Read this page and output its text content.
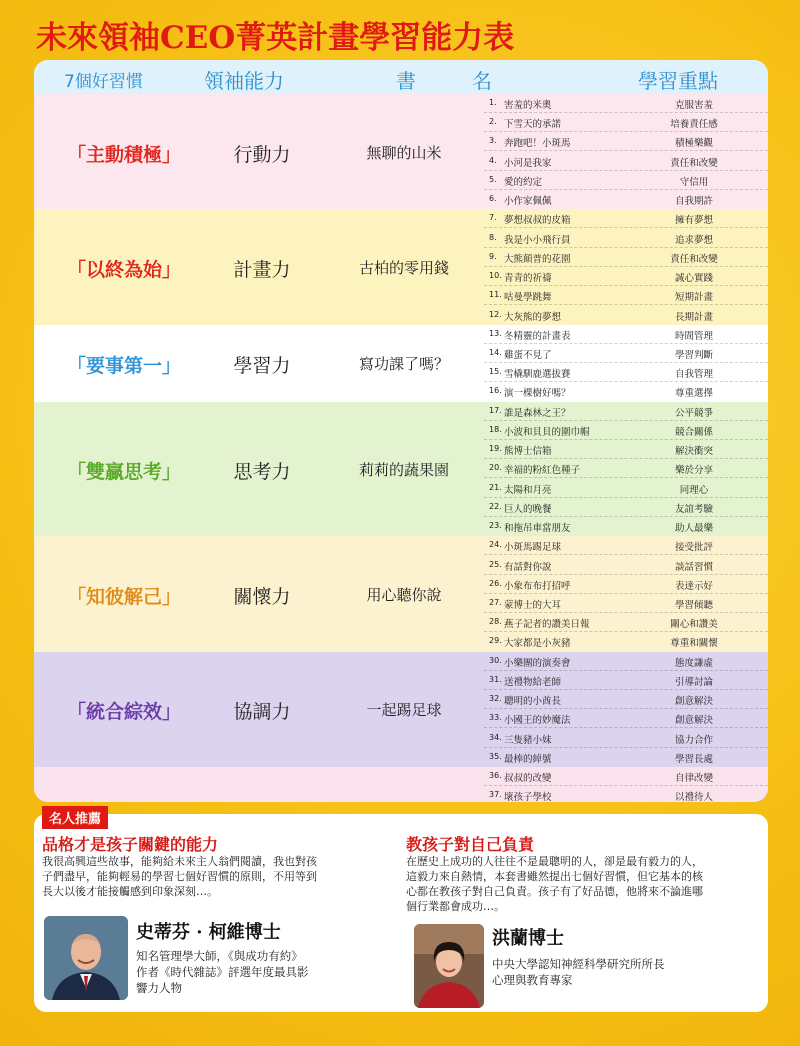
未來領袖CEO菁英計畫學習能力表
7個好習慣	領袖能力	書	名	學習重點
「主動積極」	行動力	無聊的山米
1. 害羞的米奧	克服害羞
2. 下雪天的承諾	培養責任感
3. 奔跑吧！小斑馬	積極樂觀
4. 小河是我家	責任和改變
5. 愛的約定	守信用
6. 小作家佩佩	自我期許
「以終為始」	計畫力	古柏的零用錢
7. 夢想叔叔的皮箱	擁有夢想
8. 我是小小飛行員	追求夢想
9. 大熊顛普的花園	責任和改變
10. 青青的祈禱	誠心實踐
11. 咕曼學跳舞	短期計畫
12. 大灰熊的夢想	長期計畫
「要事第一」	學習力	寫功課了嗎？
13. 冬精靈的計畫表	時間管理
14. 雞蛋不見了	學習判斷
15. 雪橇馴鹿選拔賽	自我管理
16. 演一棵樹好嗎？	尊重選擇
「雙贏思考」	思考力	莉莉的蔬果園
17. 誰是森林之王？	公平競爭
18. 小波和貝貝的圍巾帽	競合關係
19. 熊博士信箱	解決衝突
20. 幸福的粉紅色種子	樂於分享
21. 太陽和月亮	同理心
22. 巨人的晚餐	友誼考驗
23. 和拖吊車當朋友	助人最樂
「知彼解己」	關懷力	用心聽你說
24. 小斑馬踢足球	接受批評
25. 有話對你說	談話習慣
26. 小象布布打招呼	表達示好
27. 蒙博士的大耳	學習傾聽
28. 燕子記者的讚美日報	關心和讚美
29. 大家都是小灰豬	尊重和關懷
「統合綜效」	協調力	一起踢足球
30. 小樂團的演奏會	態度謙虛
31. 送禮物給老師	引導討論
32. 聰明的小酋長	創意解決
33. 小國王的妙魔法	創意解決
34. 三隻豬小妹	協力合作
35. 最棒的綽號	學習長處
36. 叔叔的改變	自律改變
37. 壞孩子學校	以禮待人
名人推薦
品格才是孩子關鍵的能力
我很高興這些故事，能夠給未來主人翁們閱讀，我也對孩
子們盡早，能夠輕易的學習七個好習慣的原則，不用等到
長大以後才能接觸感到印象深刻…。
史蒂芬 · 柯維博士
知名管理學大師，《與成功有約》
作者《時代雜誌》評選年度最具影
響力人物
教孩子對自己負責
在歷史上成功的人往往不是最聰明的人，卻是最有毅力的人，
這毅力來自熱情，本套書雖然提出七個好習慣，但它基本的核
心都在教孩子對自己負責。孩子有了好品德，他將來不論進哪
個行業都會成功…。
洪蘭博士
中央大學認知神經科學研究所所長
心理與教育專家
